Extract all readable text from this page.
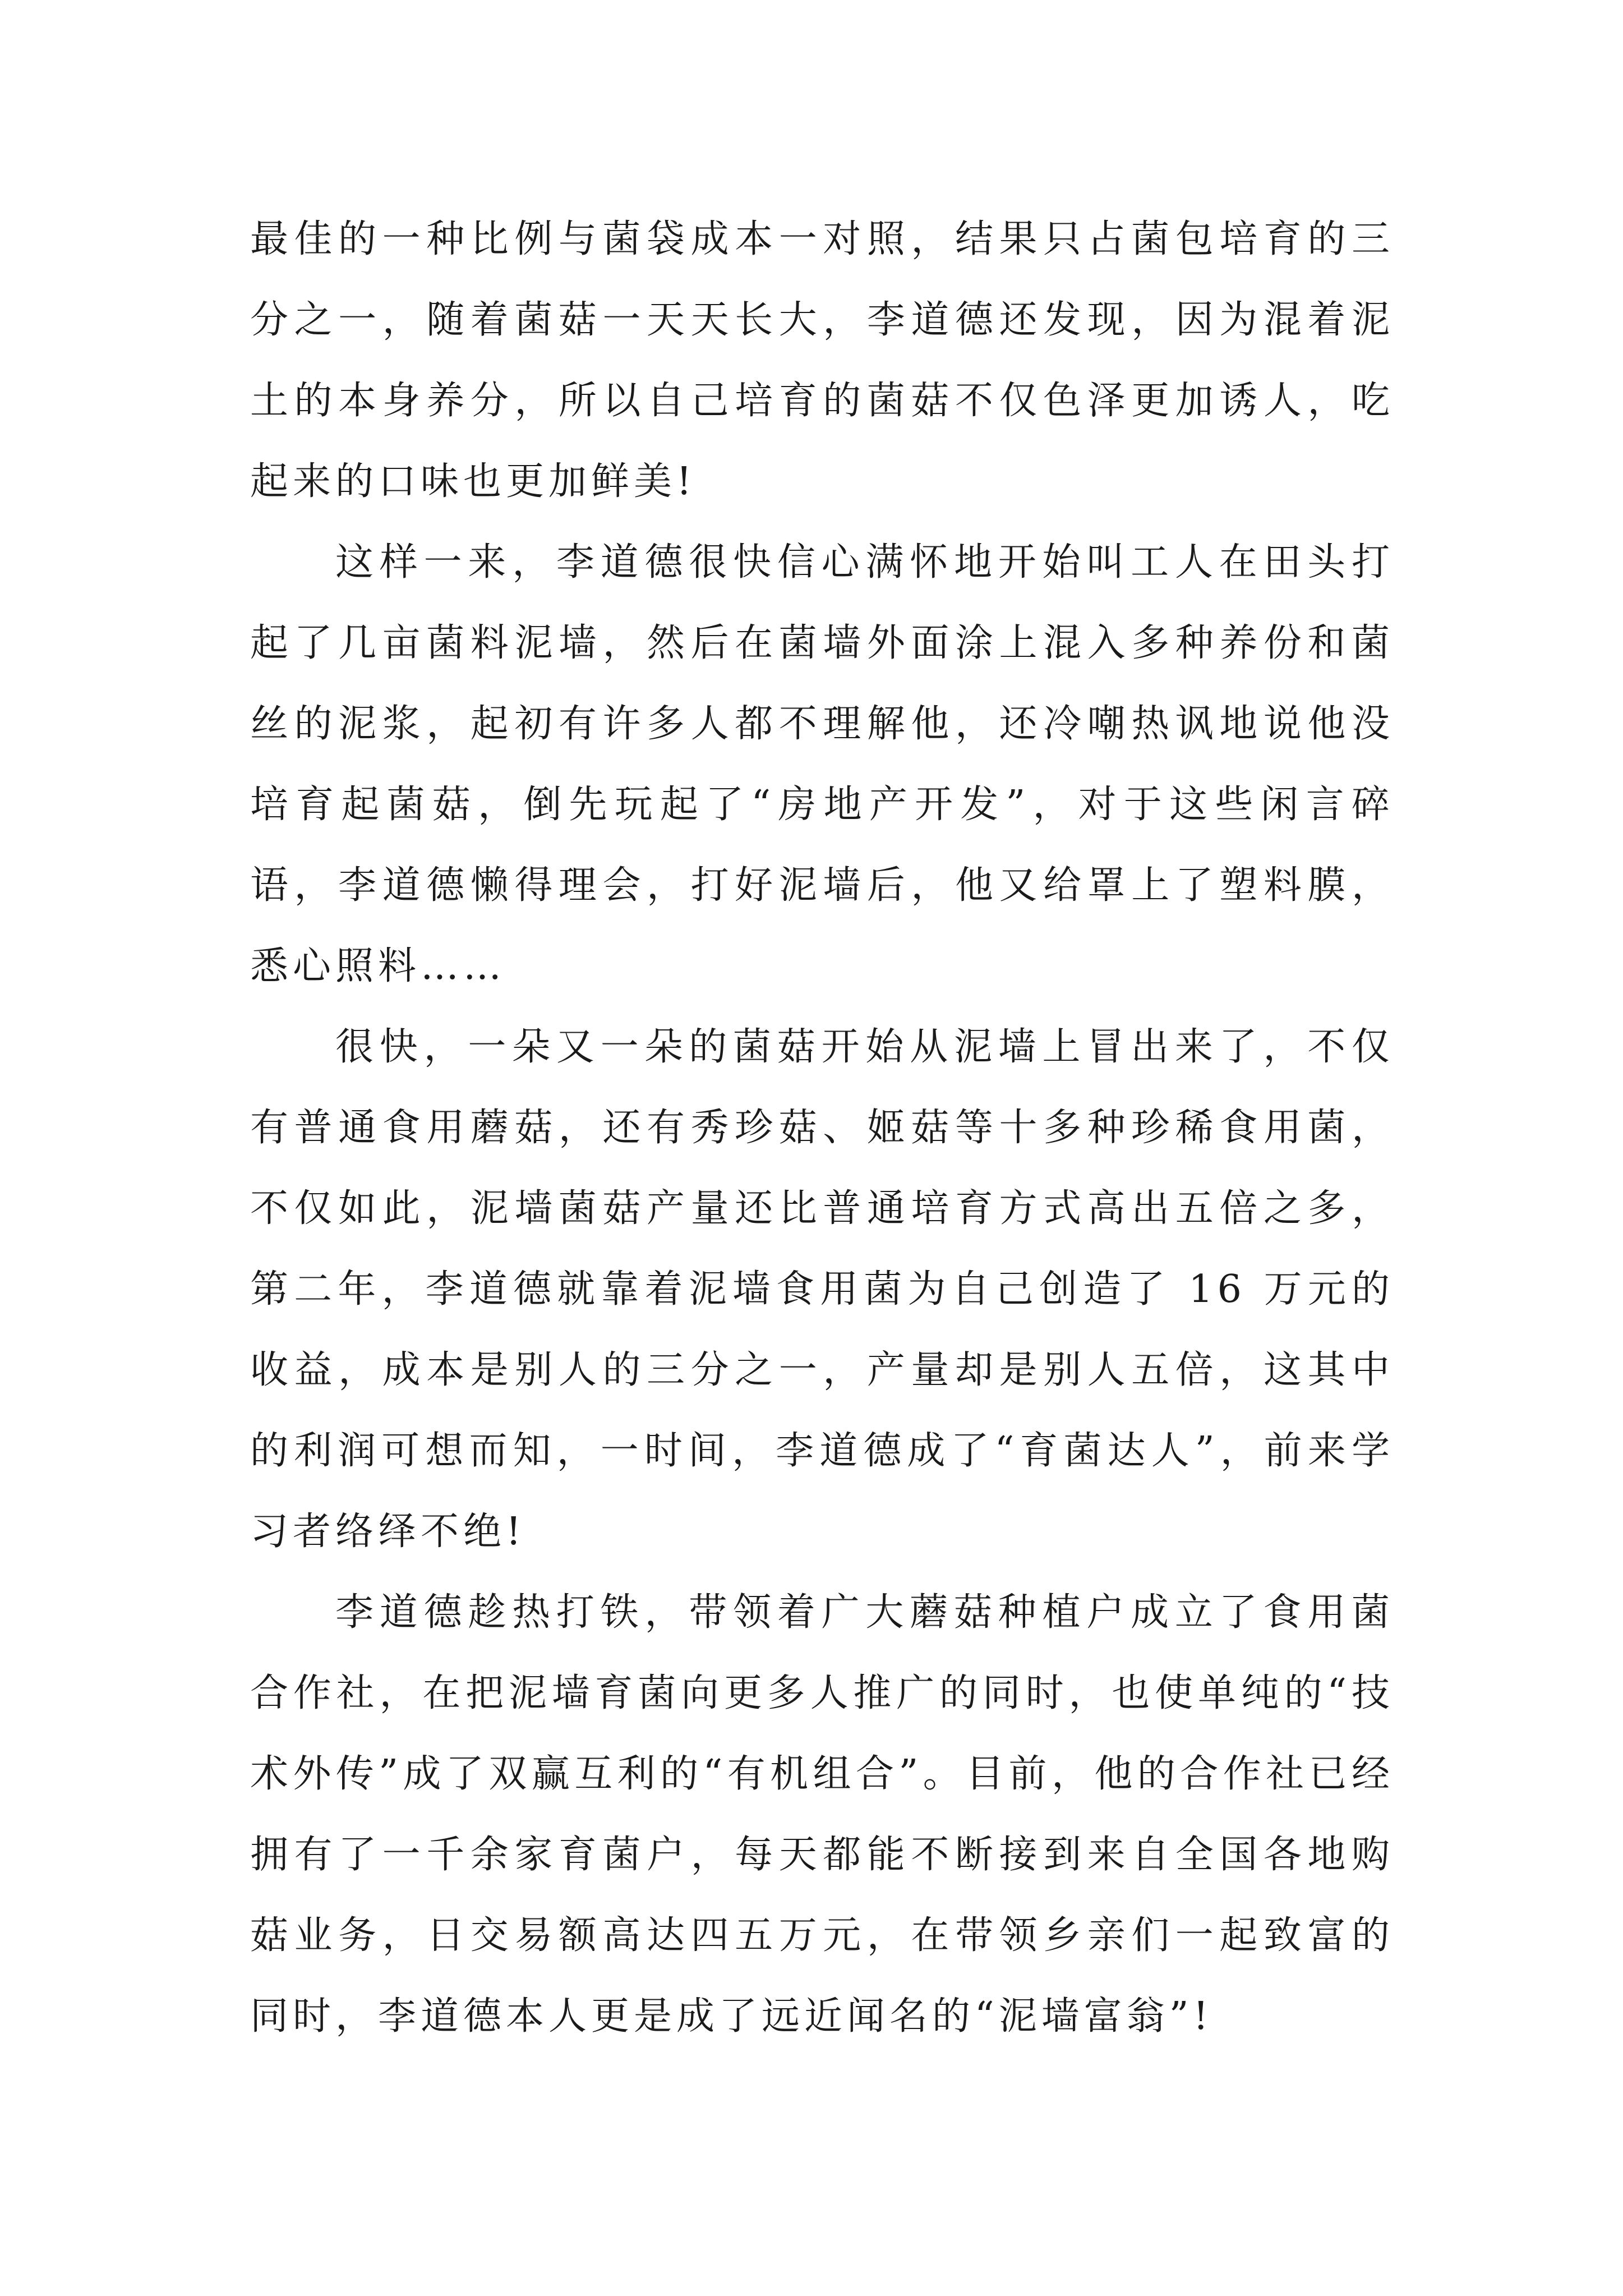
最佳的一种比例与菌袋成本一对照，结果只占菌包培育的三分之一，随着菌菇一天天长大，李道德还发现，因为混着泥土的本身养分，所以自己培育的菌菇不仅色泽更加诱人，吃起来的口味也更加鲜美!

这样一来，李道德很快信心满怀地开始叫工人在田头打起了几亩菌料泥墙，然后在菌墙外面涂上混入多种养份和菌丝的泥浆，起初有许多人都不理解他，还冷嘲热讽地说他没培育起菌菇，倒先玩起了“房地产开发”，对于这些闲言碎语，李道德懒得理会，打好泥墙后，他又给罩上了塑料膜，悉心照料……

很快，一朵又一朵的菌菇开始从泥墙上冒出来了，不仅有普通食用蘑菇，还有秀珍菇、姬菇等十多种珍稀食用菌，不仅如此，泥墙菌菇产量还比普通培育方式高出五倍之多，第二年，李道德就靠着泥墙食用菌为自己创造了 16 万元的收益，成本是别人的三分之一，产量却是别人五倍，这其中的利润可想而知，一时间，李道德成了“育菌达人”，前来学习者络绎不绝!

李道德趁热打铁，带领着广大蘑菇种植户成立了食用菌合作社，在把泥墙育菌向更多人推广的同时，也使单纯的“技术外传”成了双赢互利的“有机组合”。目前，他的合作社已经拥有了一千余家育菌户，每天都能不断接到来自全国各地购菇业务，日交易额高达四五万元，在带领乡亲们一起致富的同时，李道德本人更是成了远近闻名的“泥墙富翁”!
